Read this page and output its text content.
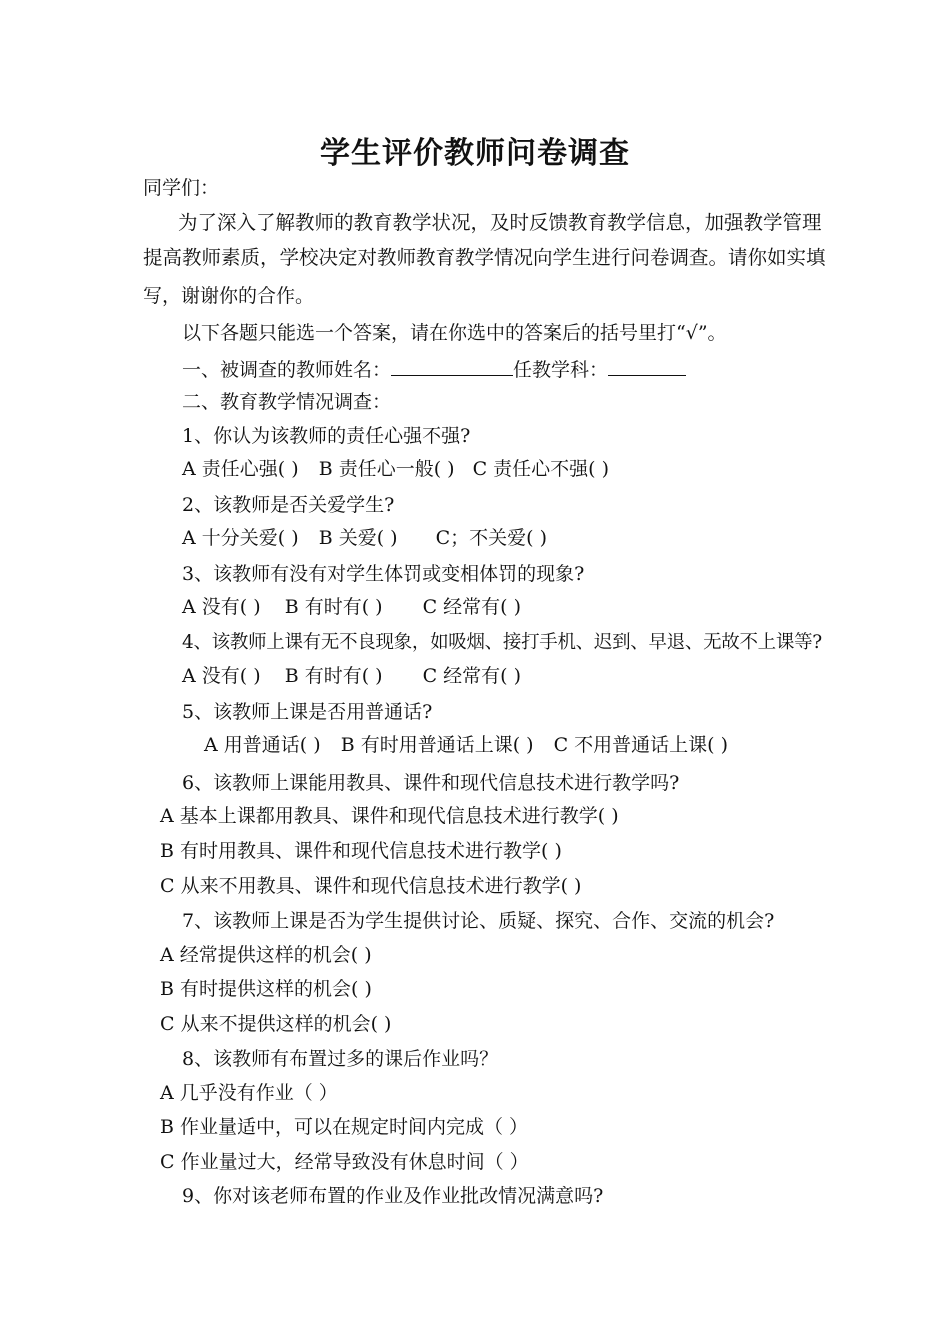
学生评价教师问卷调查
同学们：
为了深入了解教师的教育教学状况，及时反馈教育教学信息，加强教学管理
提高教师素质，学校决定对教师教育教学情况向学生进行问卷调查。请你如实填
写，谢谢你的合作。
以下各题只能选一个答案，请在你选中的答案后的括号里打“√”。
一、被调查的教师姓名：	任教学科：
二、教育教学情况调查：
1、你认为该教师的责任心强不强?
A 责任心强( ) B 责任心一般( ) C 责任心不强( )
2、该教师是否关爱学生?
A 十分关爱( ) B 关爱( ) C；不关爱( )
3、该教师有没有对学生体罚或变相体罚的现象?
A 没有( ) B 有时有( ) C 经常有( )
4、该教师上课有无不良现象，如吸烟、接打手机、迟到、早退、无故不上课等?
A 没有( ) B 有时有( ) C 经常有( )
5、该教师上课是否用普通话?
A 用普通话( ) B 有时用普通话上课( ) C 不用普通话上课( )
6、该教师上课能用教具、课件和现代信息技术进行教学吗?
A 基本上课都用教具、课件和现代信息技术进行教学( )
B 有时用教具、课件和现代信息技术进行教学( )
C 从来不用教具、课件和现代信息技术进行教学( )
7、该教师上课是否为学生提供讨论、质疑、探究、合作、交流的机会?
A 经常提供这样的机会( )
B 有时提供这样的机会( )
C 从来不提供这样的机会( )
8、该教师有布置过多的课后作业吗？
A 几乎没有作业（ ）
B 作业量适中，可以在规定时间内完成（ ）
C 作业量过大，经常导致没有休息时间（ ）
9、你对该老师布置的作业及作业批改情况满意吗?
